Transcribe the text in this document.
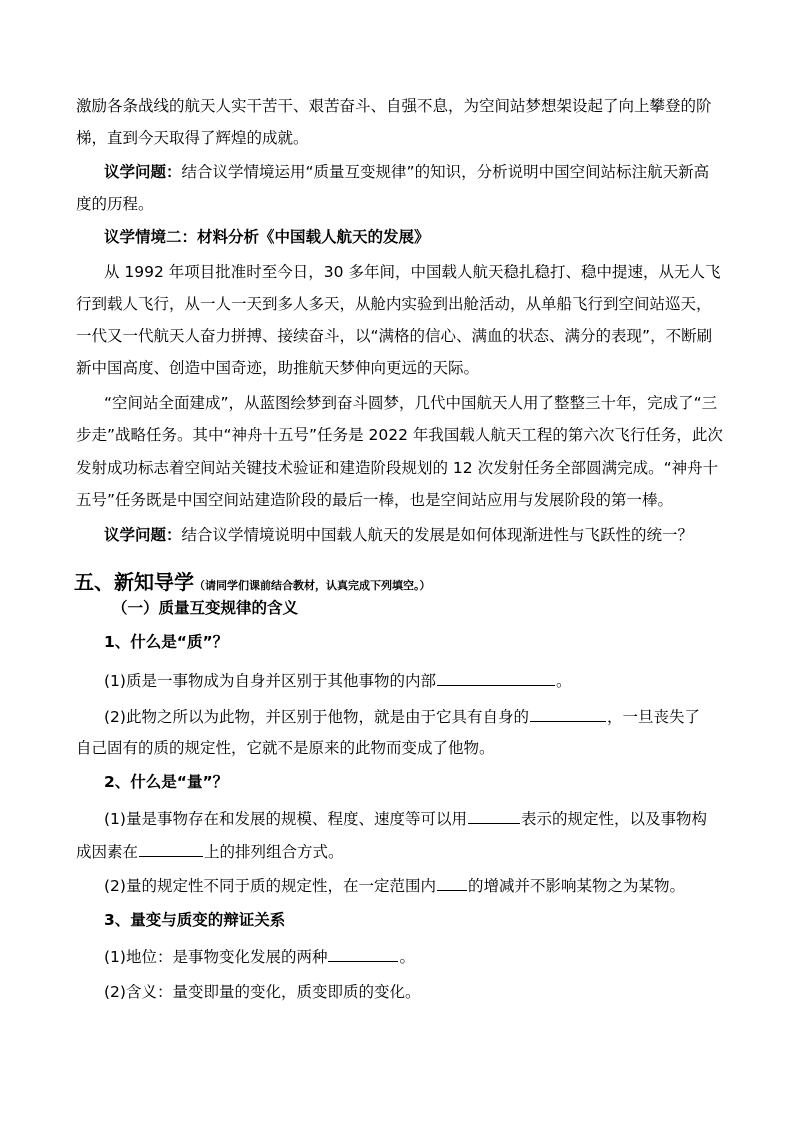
激励各条战线的航天人实干苦干、艰苦奋斗、自强不息，为空间站梦想架设起了向上攀登的阶
梯，直到今天取得了辉煌的成就。
议学问题：结合议学情境运用“质量互变规律”的知识，分析说明中国空间站标注航天新高
度的历程。
议学情境二：材料分析《中国载人航天的发展》
从 1992 年项目批准时至今日，30 多年间，中国载人航天稳扎稳打、稳中提速，从无人飞
行到载人飞行，从一人一天到多人多天，从舱内实验到出舱活动，从单船飞行到空间站巡天，
一代又一代航天人奋力拼搏、接续奋斗，以“满格的信心、满血的状态、满分的表现”，不断刷
新中国高度、创造中国奇迹，助推航天梦伸向更远的天际。
“空间站全面建成”，从蓝图绘梦到奋斗圆梦，几代中国航天人用了整整三十年，完成了“三
步走”战略任务。其中“神舟十五号”任务是 2022 年我国载人航天工程的第六次飞行任务，此次
发射成功标志着空间站关键技术验证和建造阶段规划的 12 次发射任务全部圆满完成。“神舟十
五号”任务既是中国空间站建造阶段的最后一棒，也是空间站应用与发展阶段的第一棒。
议学问题：结合议学情境说明中国载人航天的发展是如何体现渐进性与飞跃性的统一？
五、新知导学（请同学们课前结合教材，认真完成下列填空。）
（一）质量互变规律的含义
1、什么是“质”？
(1)质是一事物成为自身并区别于其他事物的内部	。
(2)此物之所以为此物，并区别于他物，就是由于它具有自身的	，一旦丧失了
自己固有的质的规定性，它就不是原来的此物而变成了他物。
2、什么是“量”？
(1)量是事物存在和发展的规模、程度、速度等可以用	表示的规定性，以及事物构
成因素在	上的排列组合方式。
(2)量的规定性不同于质的规定性，在一定范围内 的增减并不影响某物之为某物。
3、量变与质变的辩证关系
(1)地位：是事物变化发展的两种	。
(2)含义：量变即量的变化，质变即质的变化。
